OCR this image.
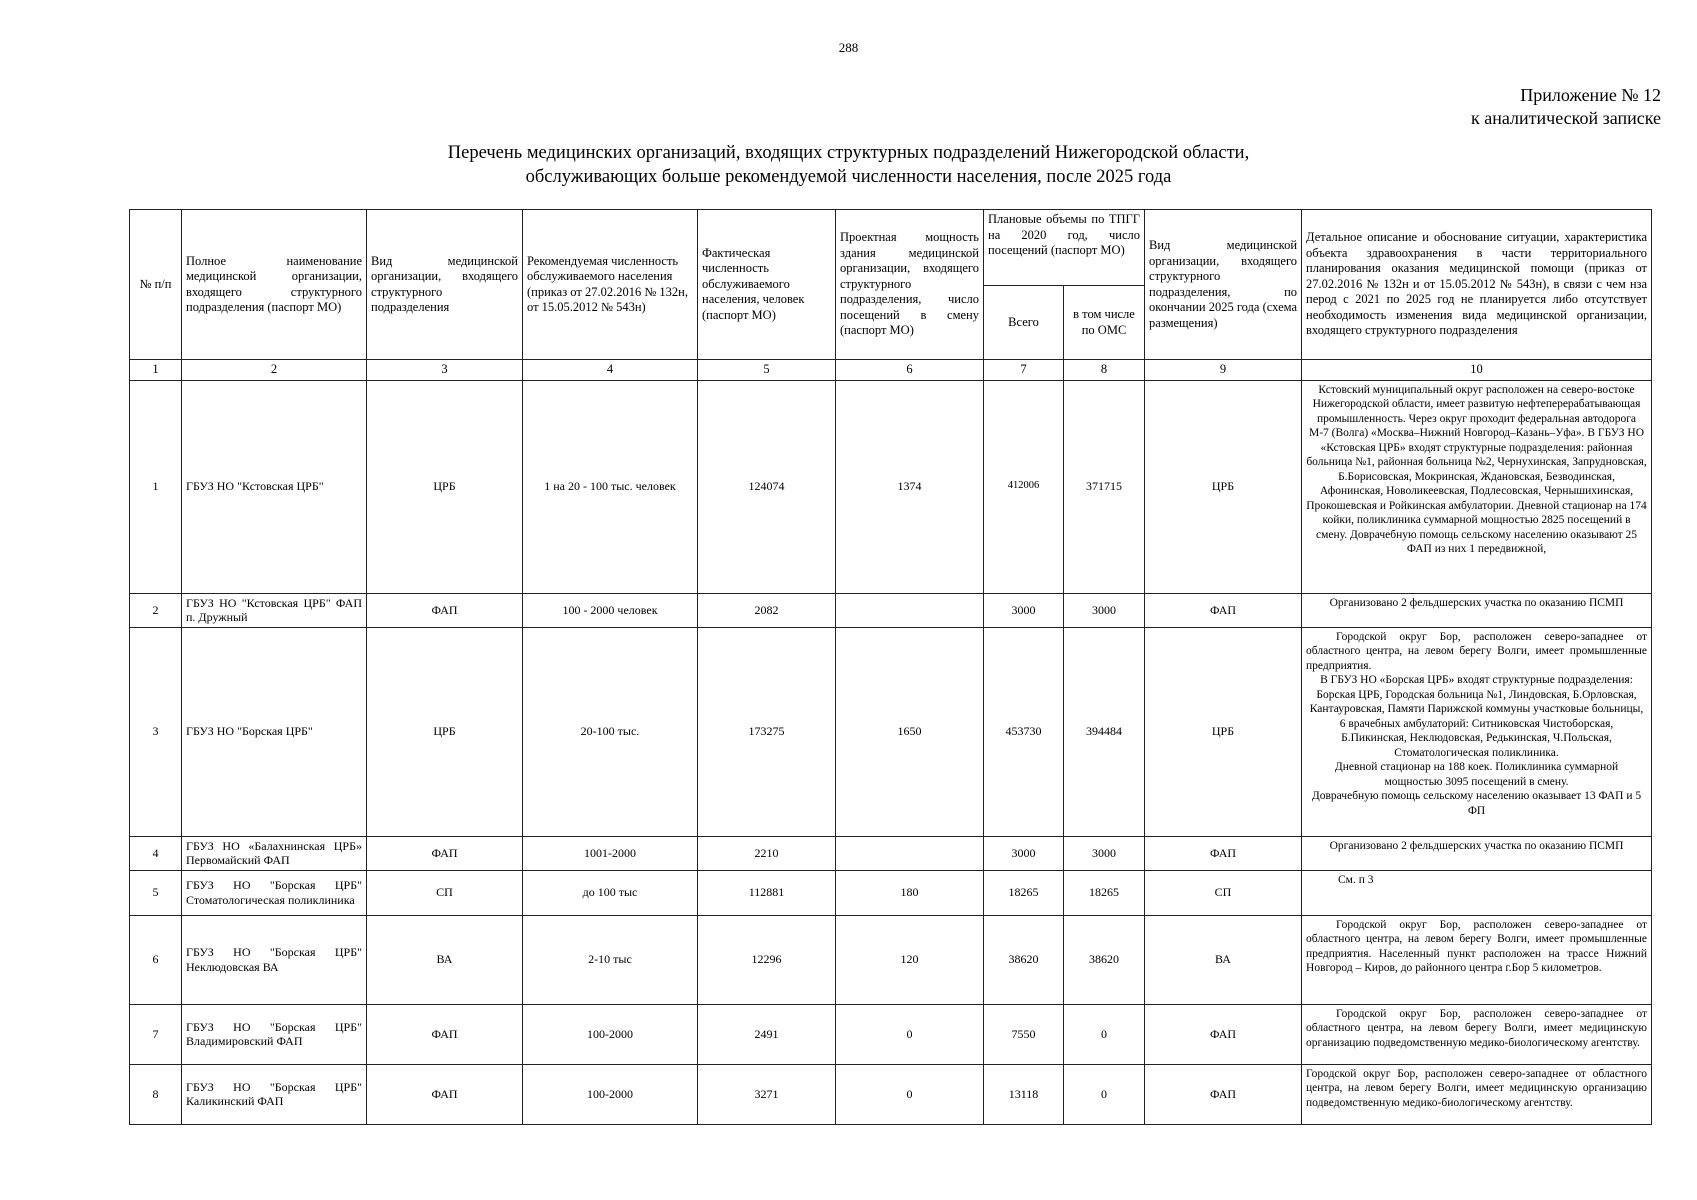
288
Приложение № 12
к аналитической записке
Перечень медицинских организаций, входящих структурных подразделений Нижегородской области,
обслуживающих больше рекомендуемой численности населения, после 2025 года
№ п/п	Полное наименование медицинской организации, входящего структурного подразделения (паспорт МО)	Вид медицинской организации, входящего структурного подразделения	Рекомендуемая численность обслуживаемого населения (приказ от 27.02.2016 № 132н, от 15.05.2012 № 543н)	Фактическая численность обслуживаемого населения, человек (паспорт МО)	Проектная мощность здания медицинской организации, входящего структурного подразделения, число посещений в смену (паспорт МО)	Плановые объемы по ТПГГ на 2020 год, число посещений (паспорт МО)		Вид медицинской организации, входящего структурного подразделения, по окончании 2025 года (схема размещения)	Детальное описание и обоснование ситуации, характеристика объекта здравоохранения в части территориального планирования оказания медицинской помощи (приказ от 27.02.2016 № 132н и от 15.05.2012 № 543н), в связи с чем нза перод с 2021 по 2025 год не планируется либо отсутствует необходимость изменения вида медицинской организации, входящего структурного подразделения
						Всего	в том числе по ОМС		
1	2	3	4	5	6	7	8	9	10
1	ГБУЗ НО "Кстовская ЦРБ"	ЦРБ	1 на 20 - 100 тыс. человек	124074	1374	412006	371715	ЦРБ	Кстовский муниципальный округ расположен на северо-востоке Нижегородской области, имеет развитую нефтеперерабатывающая промышленность. Через округ проходит федеральная автодорога М-7 (Волга) «Москва–Нижний Новгород–Казань–Уфа». В ГБУЗ НО «Кстовская ЦРБ» входят структурные подразделения: районная больница №1, районная больница №2, Чернухинская, Запрудновская, Б.Борисовская, Мокринская, Ждановская, Безводинская, Афонинская, Новоликеевская, Подлесовская, Чернышихинская, Прокошевская и Ройкинская амбулатории. Дневной стационар на 174 койки, поликлиника суммарной мощностью 2825 посещений в смену. Доврачебную помощь сельскому населению оказывают 25 ФАП из них 1 передвижной,
2	ГБУЗ НО "Кстовская ЦРБ" ФАП п. Дружный	ФАП	100 - 2000 человек	2082		3000	3000	ФАП	Организовано 2 фельдшерских участка по оказанию ПСМП
3	ГБУЗ НО "Борская ЦРБ"	ЦРБ	20-100 тыс.	173275	1650	453730	394484	ЦРБ	Городской округ Бор, расположен северо-западнее от областного центра, на левом берегу Волги, имеет промышленные предприятия.
В ГБУЗ НО «Борская ЦРБ» входят структурные подразделения: Борская ЦРБ, Городская больница №1, Линдовская, Б.Орловская, Кантауровская, Памяти Парижской коммуны участковые больницы, 6 врачебных амбулаторий: Ситниковская Чистоборская, Б.Пикинская, Неклюдовская, Редькинская, Ч.Польская, Стоматологическая поликлиника.
Дневной стационар на 188 коек. Поликлиника суммарной мощностью 3095 посещений в смену.
Доврачебную помощь сельскому населению оказывает 13 ФАП и 5 ФП

4	ГБУЗ НО «Балахнинская ЦРБ» Первомайский ФАП	ФАП	1001-2000	2210		3000	3000	ФАП	Организовано 2 фельдшерских участка по оказанию ПСМП
5	ГБУЗ НО "Борская ЦРБ" Стоматологическая поликлиника	СП	до 100 тыс	112881	180	18265	18265	СП	См. п 3
6	ГБУЗ НО "Борская ЦРБ" Неклюдовская ВА	ВА	2-10 тыс	12296	120	38620	38620	ВА	Городской округ Бор, расположен северо-западнее от областного центра, на левом берегу Волги, имеет промышленные предприятия. Населенный пункт расположен на трассе Нижний Новгород – Киров, до районного центра г.Бор 5 километров.
7	ГБУЗ НО "Борская ЦРБ" Владимировский ФАП	ФАП	100-2000	2491	0	7550	0	ФАП	Городской округ Бор, расположен северо-западнее от областного центра, на левом берегу Волги, имеет медицинскую организацию подведомственную медико-биологическому агентству.
8	ГБУЗ НО "Борская ЦРБ" Каликинский ФАП	ФАП	100-2000	3271	0	13118	0	ФАП	Городской округ Бор, расположен северо-западнее от областного центра, на левом берегу Волги, имеет медицинскую организацию подведомственную медико-биологическому агентству.
